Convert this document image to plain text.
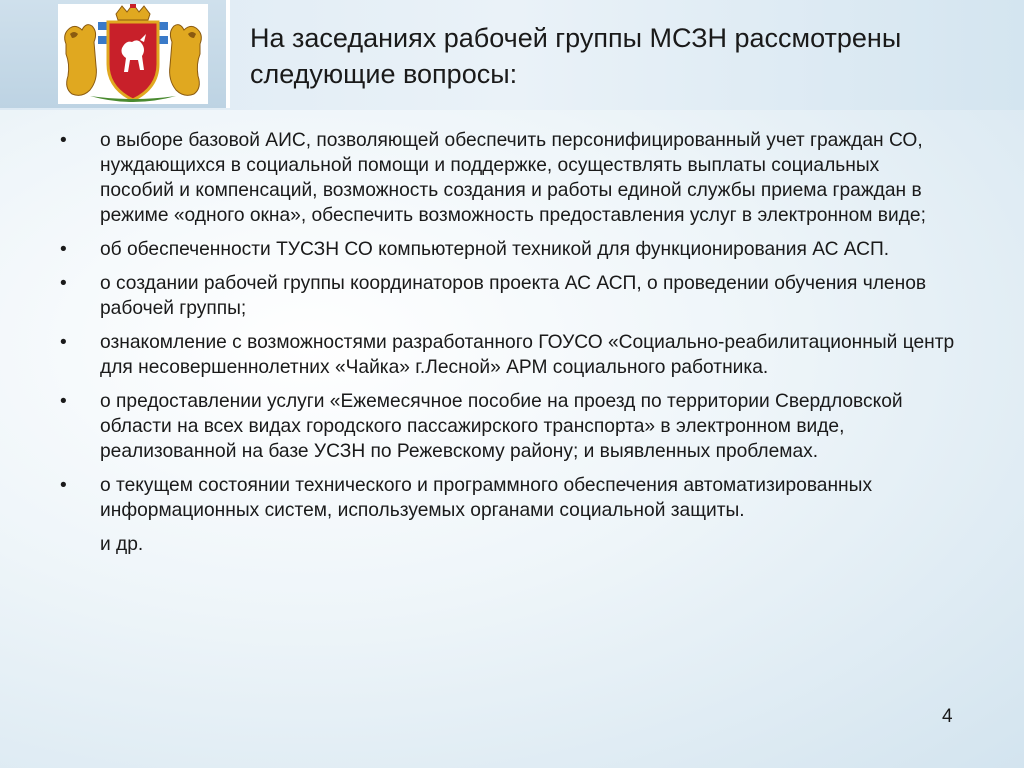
На заседаниях рабочей группы МСЗН рассмотрены
следующие вопросы:
• о выборе базовой АИС, позволяющей обеспечить персонифицированный учет граждан СО, нуждающихся в социальной помощи и поддержке, осуществлять выплаты социальных пособий и компенсаций, возможность создания и работы единой службы приема граждан в режиме «одного окна», обеспечить возможность предоставления услуг в электронном виде;
• об обеспеченности ТУСЗН СО компьютерной техникой для функционирования АС АСП.
• о создании рабочей группы координаторов проекта АС АСП, о проведении обучения членов рабочей группы;
• ознакомление с возможностями разработанного ГОУСО «Социально-реабилитационный центр для несовершеннолетних «Чайка» г.Лесной» АРМ социального работника.
• о предоставлении услуги «Ежемесячное пособие на проезд по территории Свердловской области на всех видах городского пассажирского транспорта» в электронном виде, реализованной на базе УСЗН по Режевскому району; и выявленных проблемах.
• о текущем состоянии технического и программного обеспечения автоматизированных информационных систем, используемых органами социальной защиты.
и др.
4
